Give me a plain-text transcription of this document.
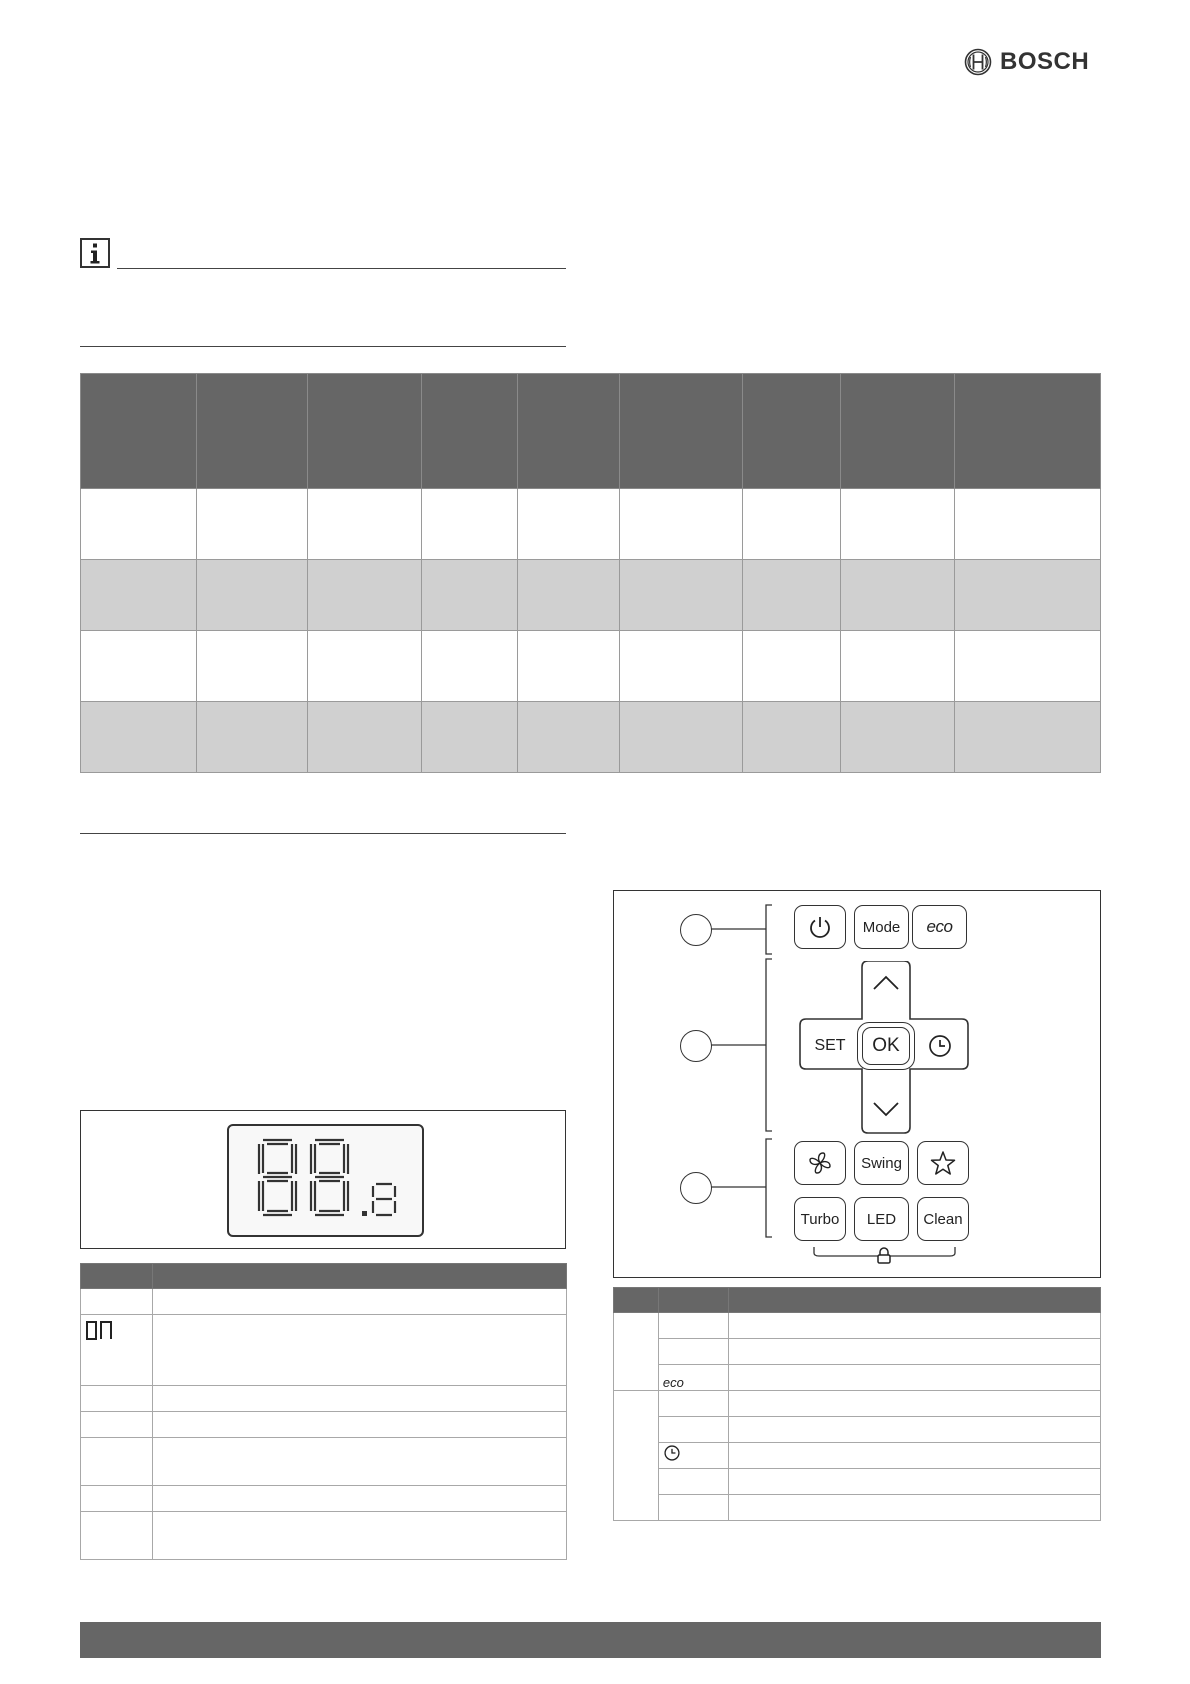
BOSCH

Mode eco
SET OK
Swing
Turbo LED Clean

	eco	
